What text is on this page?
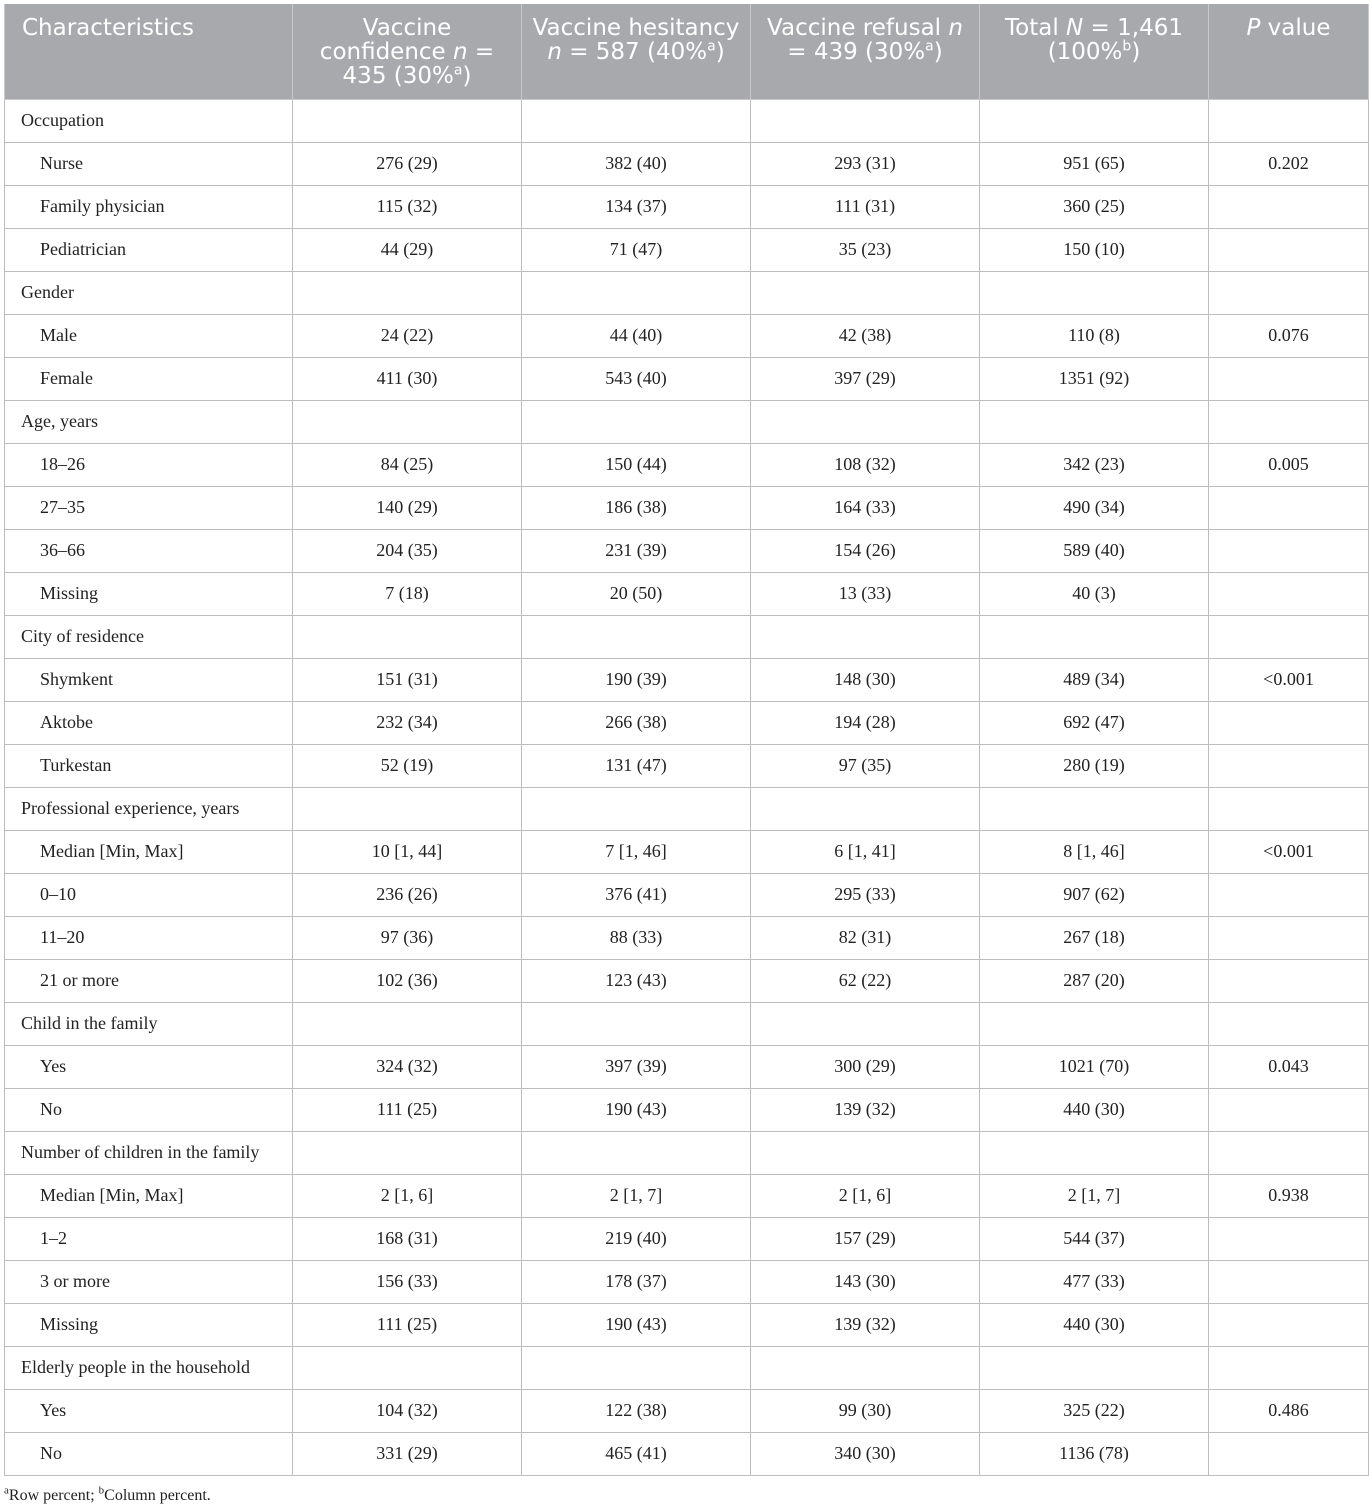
Characteristics	Vaccine confidence n = 435 (30%$^a$)	Vaccine hesitancy n = 587 (40%$^a$)	Vaccine refusal n = 439 (30%$^a$)	Total N = 1,461 (100%$^b$)	P value
Occupation					
Nurse	276 (29)	382 (40)	293 (31)	951 (65)	0.202
Family physician	115 (32)	134 (37)	111 (31)	360 (25)	
Pediatrician	44 (29)	71 (47)	35 (23)	150 (10)	
Gender					
Male	24 (22)	44 (40)	42 (38)	110 (8)	0.076
Female	411 (30)	543 (40)	397 (29)	1351 (92)	
Age, years					
18–26	84 (25)	150 (44)	108 (32)	342 (23)	0.005
27–35	140 (29)	186 (38)	164 (33)	490 (34)	
36–66	204 (35)	231 (39)	154 (26)	589 (40)	
Missing	7 (18)	20 (50)	13 (33)	40 (3)	
City of residence					
Shymkent	151 (31)	190 (39)	148 (30)	489 (34)	<0.001
Aktobe	232 (34)	266 (38)	194 (28)	692 (47)	
Turkestan	52 (19)	131 (47)	97 (35)	280 (19)	
Professional experience, years					
Median [Min, Max]	10 [1, 44]	7 [1, 46]	6 [1, 41]	8 [1, 46]	<0.001
0–10	236 (26)	376 (41)	295 (33)	907 (62)	
11–20	97 (36)	88 (33)	82 (31)	267 (18)	
21 or more	102 (36)	123 (43)	62 (22)	287 (20)	
Child in the family					
Yes	324 (32)	397 (39)	300 (29)	1021 (70)	0.043
No	111 (25)	190 (43)	139 (32)	440 (30)	
Number of children in the family					
Median [Min, Max]	2 [1, 6]	2 [1, 7]	2 [1, 6]	2 [1, 7]	0.938
1–2	168 (31)	219 (40)	157 (29)	544 (37)	
3 or more	156 (33)	178 (37)	143 (30)	477 (33)	
Missing	111 (25)	190 (43)	139 (32)	440 (30)	
Elderly people in the household					
Yes	104 (32)	122 (38)	99 (30)	325 (22)	0.486
No	331 (29)	465 (41)	340 (30)	1136 (78)	
$^a$Row percent; $^b$Column percent.
